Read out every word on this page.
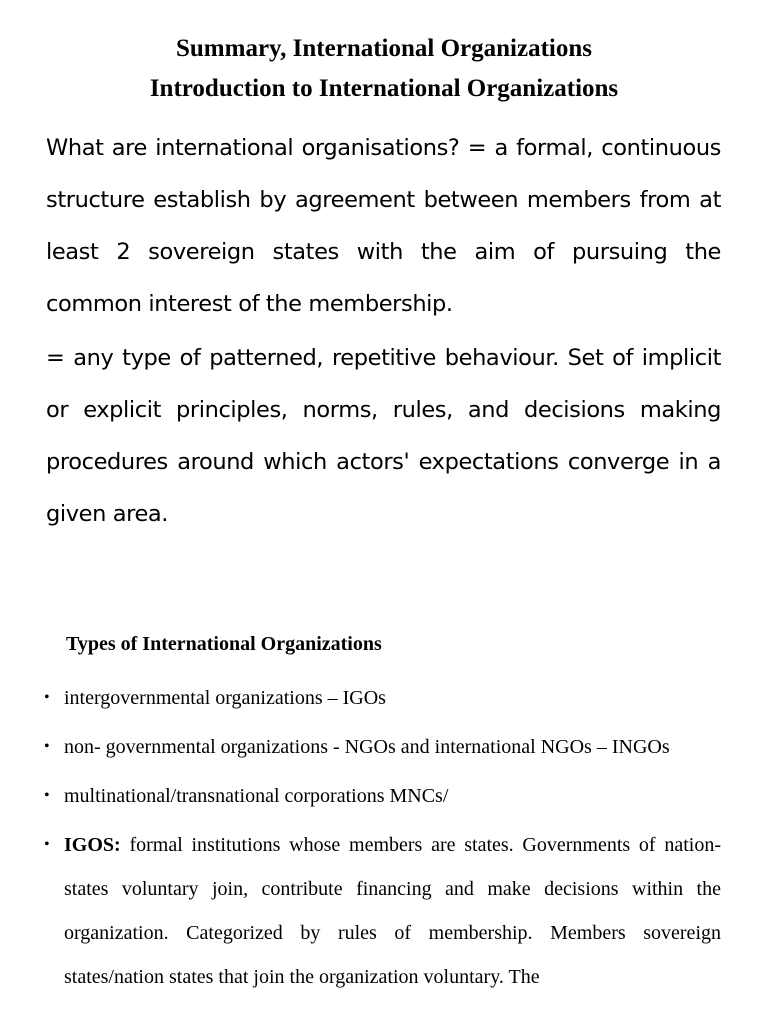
Summary, International Organizations
Introduction to International Organizations

What are international organisations? = a formal, continuous structure establish by agreement between members from at least 2 sovereign states with the aim of pursuing the common interest of the membership.

= any type of patterned, repetitive behaviour. Set of implicit or explicit principles, norms, rules, and decisions making procedures around which actors' expectations converge in a given area.

Types of International Organizations
• intergovernmental organizations – IGOs
• non- governmental organizations - NGOs and international NGOs – INGOs
• multinational/transnational corporations MNCs/
• IGOS: formal institutions whose members are states. Governments of nation-states voluntary join, contribute financing and make decisions within the organization. Categorized by rules of membership. Members sovereign states/nation states that join the organization voluntary. The
